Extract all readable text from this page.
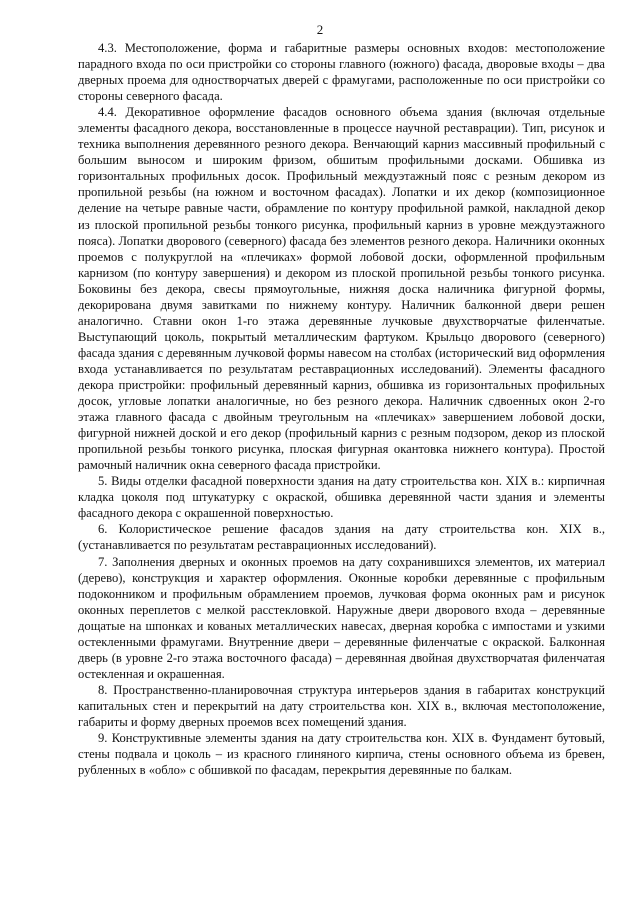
2

4.3. Местоположение, форма и габаритные размеры основных входов: местоположение парадного входа по оси пристройки со стороны главного (южного) фасада, дворовые входы – два дверных проема для одностворчатых дверей с фрамугами, расположенные по оси пристройки со стороны северного фасада.

4.4. Декоративное оформление фасадов основного объема здания (включая отдельные элементы фасадного декора, восстановленные в процессе научной реставрации). Тип, рисунок и техника выполнения деревянного резного декора. Венчающий карниз массивный профильный с большим выносом и широким фризом, обшитым профильными досками. Обшивка из горизонтальных профильных досок. Профильный междуэтажный пояс с резным декором из пропильной резьбы (на южном и восточном фасадах). Лопатки и их декор (композиционное деление на четыре равные части, обрамление по контуру профильной рамкой, накладной декор из плоской пропильной резьбы тонкого рисунка, профильный карниз в уровне междуэтажного пояса). Лопатки дворового (северного) фасада без элементов резного декора. Наличники оконных проемов с полукруглой на «плечиках» формой лобовой доски, оформленной профильным карнизом (по контуру завершения) и декором из плоской пропильной резьбы тонкого рисунка. Боковины без декора, свесы прямоугольные, нижняя доска наличника фигурной формы, декорирована двумя завитками по нижнему контуру. Наличник балконной двери решен аналогично. Ставни окон 1-го этажа деревянные лучковые двухстворчатые филенчатые. Выступающий цоколь, покрытый металлическим фартуком. Крыльцо дворового (северного) фасада здания с деревянным лучковой формы навесом на столбах (исторический вид оформления входа устанавливается по результатам реставрационных исследований). Элементы фасадного декора пристройки: профильный деревянный карниз, обшивка из горизонтальных профильных досок, угловые лопатки аналогичные, но без резного декора. Наличник сдвоенных окон 2-го этажа главного фасада с двойным треугольным на «плечиках» завершением лобовой доски, фигурной нижней доской и его декор (профильный карниз с резным подзором, декор из плоской пропильной резьбы тонкого рисунка, плоская фигурная окантовка нижнего контура). Простой рамочный наличник окна северного фасада пристройки.

5. Виды отделки фасадной поверхности здания на дату строительства кон. XIX в.: кирпичная кладка цоколя под штукатурку с окраской, обшивка деревянной части здания и элементы фасадного декора с окрашенной поверхностью.

6. Колористическое решение фасадов здания на дату строительства кон. XIX в., (устанавливается по результатам реставрационных исследований).

7. Заполнения дверных и оконных проемов на дату сохранившихся элементов, их материал (дерево), конструкция и характер оформления. Оконные коробки деревянные с профильным подоконником и профильным обрамлением проемов, лучковая форма оконных рам и рисунок оконных переплетов с мелкой расстекловкой. Наружные двери дворового входа – деревянные дощатые на шпонках и кованых металлических навесах, дверная коробка с импостами и узкими остекленными фрамугами. Внутренние двери – деревянные филенчатые с окраской. Балконная дверь (в уровне 2-го этажа восточного фасада) – деревянная двойная двухстворчатая филенчатая остекленная и окрашенная.

8. Пространственно-планировочная структура интерьеров здания в габаритах конструкций капитальных стен и перекрытий на дату строительства кон. XIX в., включая местоположение, габариты и форму дверных проемов всех помещений здания.

9. Конструктивные элементы здания на дату строительства кон. XIX в. Фундамент бутовый, стены подвала и цоколь – из красного глиняного кирпича, стены основного объема из бревен, рубленных в «обло» с обшивкой по фасадам, перекрытия деревянные по балкам.
